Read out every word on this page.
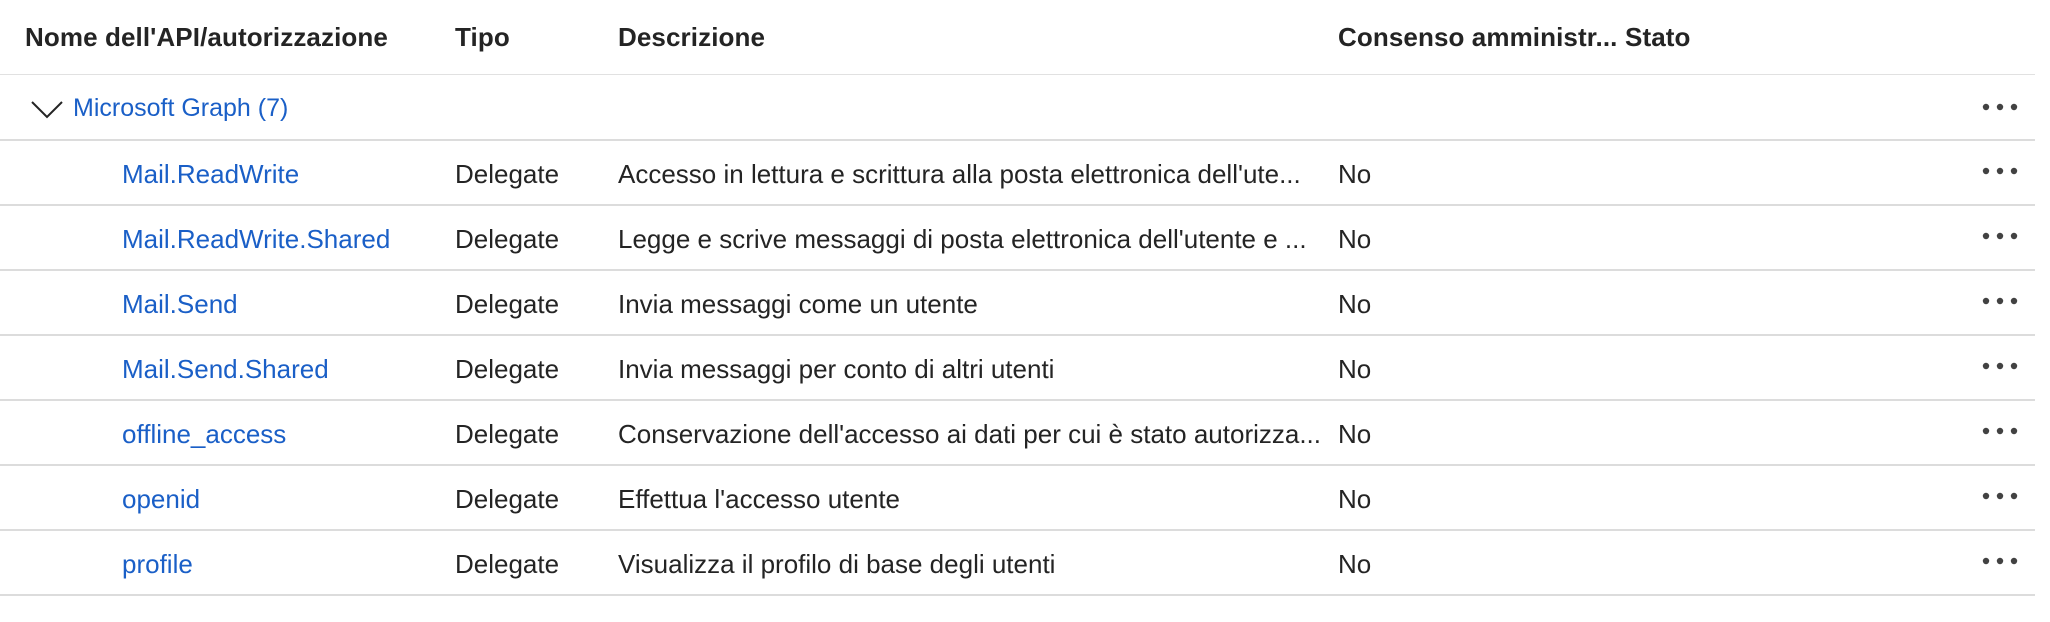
Nome dell'API/autorizzazione	Tipo	Descrizione	Consenso amministr... Stato
Microsoft Graph (7)
Mail.ReadWrite	Delegate Accesso in lettura e scrittura alla posta elettronica dell'ute... No
Mail.ReadWrite.Shared Delegate Legge e scrive messaggi di posta elettronica dell'utente e ... No
Mail.Send	Delegate Invia messaggi come un utente	No
Mail.Send.Shared	Delegate Invia messaggi per conto di altri utenti	No
offline_access	Delegate Conservazione dell'accesso ai dati per cui è stato autorizza... No
openid	Delegate Effettua l'accesso utente	No
profile	Delegate Visualizza il profilo di base degli utenti	No
